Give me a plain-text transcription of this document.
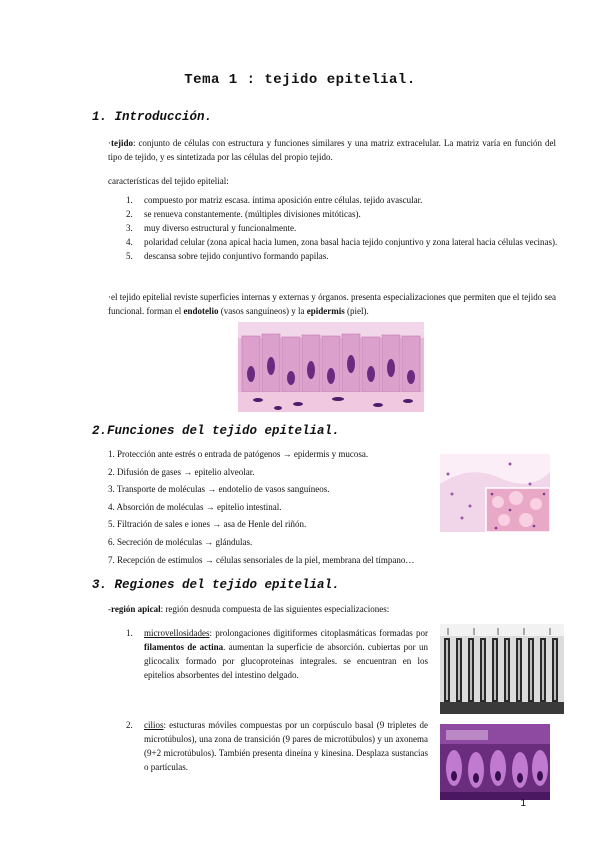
Tema 1 : tejido epitelial.
1. Introducción.
·tejido: conjunto de células con estructura y funciones similares y una matriz extracelular. La matriz varía en función del tipo de tejido, y es sintetizada por las células del propio tejido.
características del tejido epitelial:
1. compuesto por matriz escasa. íntima aposición entre células. tejido avascular.
2. se renueva constantemente. (múltiples divisiones mitóticas).
3. muy diverso estructural y funcionalmente.
4. polaridad celular (zona apical hacia lumen, zona basal hacia tejido conjuntivo y zona lateral hacia células vecinas).
5. descansa sobre tejido conjuntivo formando papilas.
·el tejido epitelial reviste superficies internas y externas y órganos. presenta especializaciones que permiten que el tejido sea funcional. forman el endotelio (vasos sanguíneos) y la epidermis (piel).
2.Funciones del tejido epitelial.
1. Protección ante estrés o entrada de patógenos → epidermis y mucosa.
2. Difusión de gases → epitelio alveolar.
3. Transporte de moléculas → endotelio de vasos sanguíneos.
4. Absorción de moléculas → epitelio intestinal.
5. Filtración de sales e iones → asa de Henle del riñón.
6. Secreción de moléculas → glándulas.
7. Recepción de estímulos → células sensoriales de la piel, membrana del tímpano…
3. Regiones del tejido epitelial.
-región apical: región desnuda compuesta de las siguientes especializaciones:
1. microvellosidades: prolongaciones digitiformes citoplasmáticas formadas por filamentos de actina. aumentan la superficie de absorción. cubiertas por un glicocalix formado por glucoproteínas integrales. se encuentran en los epitelios absorbentes del intestino delgado.
2. cilios: estucturas móviles compuestas por un corpúsculo basal (9 tripletes de microtúbulos), una zona de transición (9 pares de microtúbulos) y un axonema (9+2 microtúbulos). También presenta dineína y kinesina. Desplaza sustancias o partículas.
1
